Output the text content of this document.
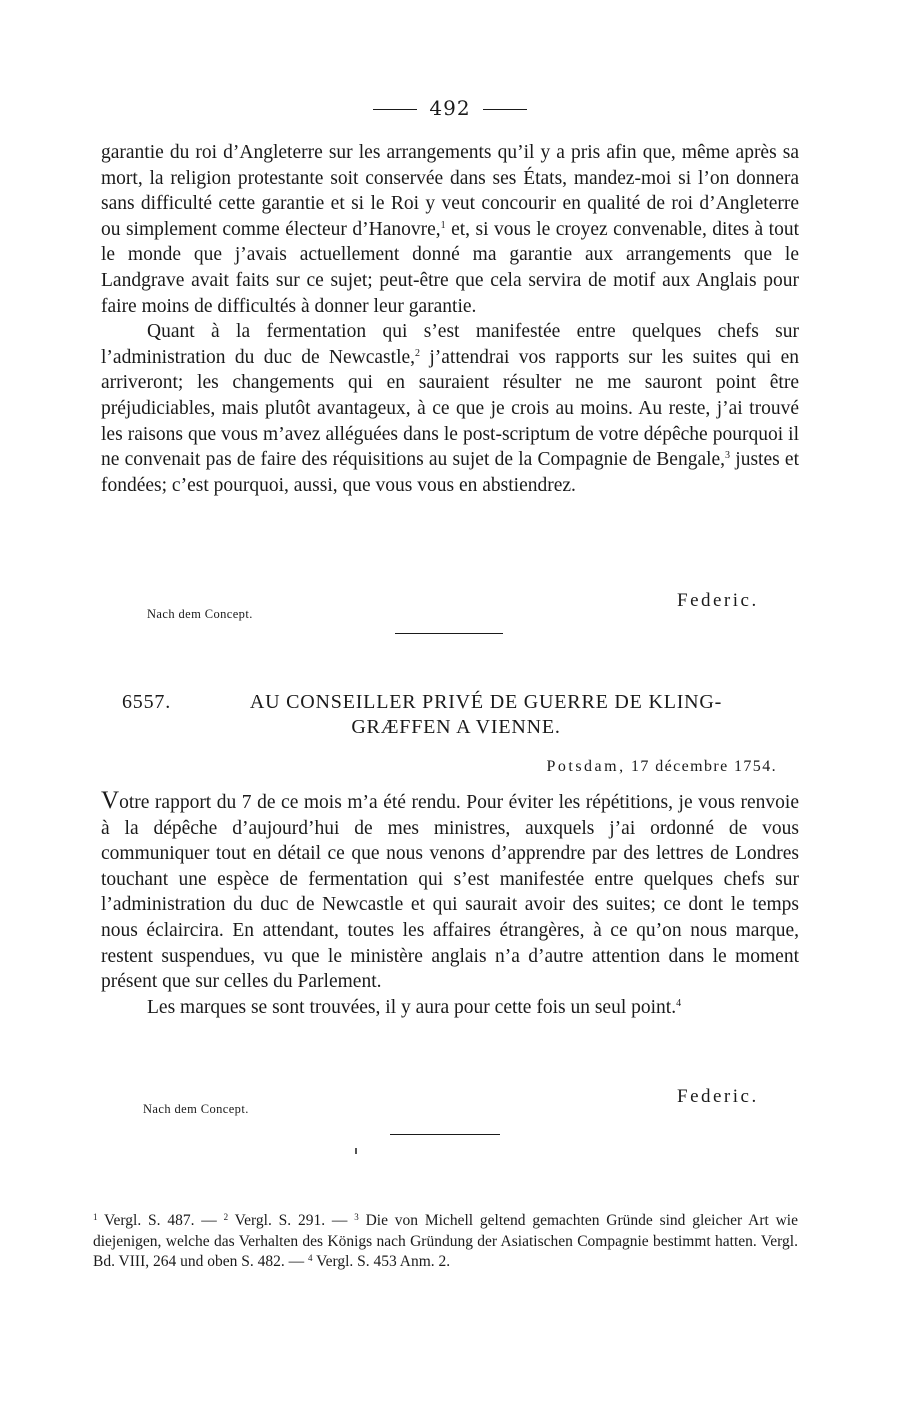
492

garantie du roi d’Angleterre sur les arrangements qu’il y a pris afin que, même après sa mort, la religion protestante soit conservée dans ses États, mandez-moi si l’on donnera sans difficulté cette garantie et si le Roi y veut concourir en qualité de roi d’Angleterre ou simplement comme électeur d’Hanovre,$^1$ et, si vous le croyez convenable, dites à tout le monde que j’avais actuellement donné ma garantie aux arrangements que le Landgrave avait faits sur ce sujet; peut-être que cela servira de motif aux Anglais pour faire moins de difficultés à donner leur garantie.

Quant à la fermentation qui s’est manifestée entre quelques chefs sur l’administration du duc de Newcastle,$^2$ j’attendrai vos rapports sur les suites qui en arriveront; les changements qui en sauraient résulter ne me sauront point être préjudiciables, mais plutôt avantageux, à ce que je crois au moins. Au reste, j’ai trouvé les raisons que vous m’avez alléguées dans le post-scriptum de votre dépêche pourquoi il ne convenait pas de faire des réquisitions au sujet de la Compagnie de Bengale,$^3$ justes et fondées; c’est pourquoi, aussi, que vous vous en abstiendrez.

Federic.
Nach dem Concept.
6557.	AU CONSEILLER PRIVÉ DE GUERRE DE KLING-
GRÆFFEN A VIENNE.
Potsdam, 17 décembre 1754.

Votre rapport du 7 de ce mois m’a été rendu. Pour éviter les répétitions, je vous renvoie à la dépêche d’aujourd’hui de mes ministres, auxquels j’ai ordonné de vous communiquer tout en détail ce que nous venons d’apprendre par des lettres de Londres touchant une espèce de fermentation qui s’est manifestée entre quelques chefs sur l’administration du duc de Newcastle et qui saurait avoir des suites; ce dont le temps nous éclaircira. En attendant, toutes les affaires étrangères, à ce qu’on nous marque, restent suspendues, vu que le ministère anglais n’a d’autre attention dans le moment présent que sur celles du Parlement.

Les marques se sont trouvées, il y aura pour cette fois un seul point.$^4$

Federic.
Nach dem Concept.

$^1$ Vergl. S. 487. — $^2$ Vergl. S. 291. — $^3$ Die von Michell geltend gemachten Gründe sind gleicher Art wie diejenigen, welche das Verhalten des Königs nach Gründung der Asiatischen Compagnie bestimmt hatten. Vergl. Bd. VIII, 264 und oben S. 482. — $^4$ Vergl. S. 453 Anm. 2.
